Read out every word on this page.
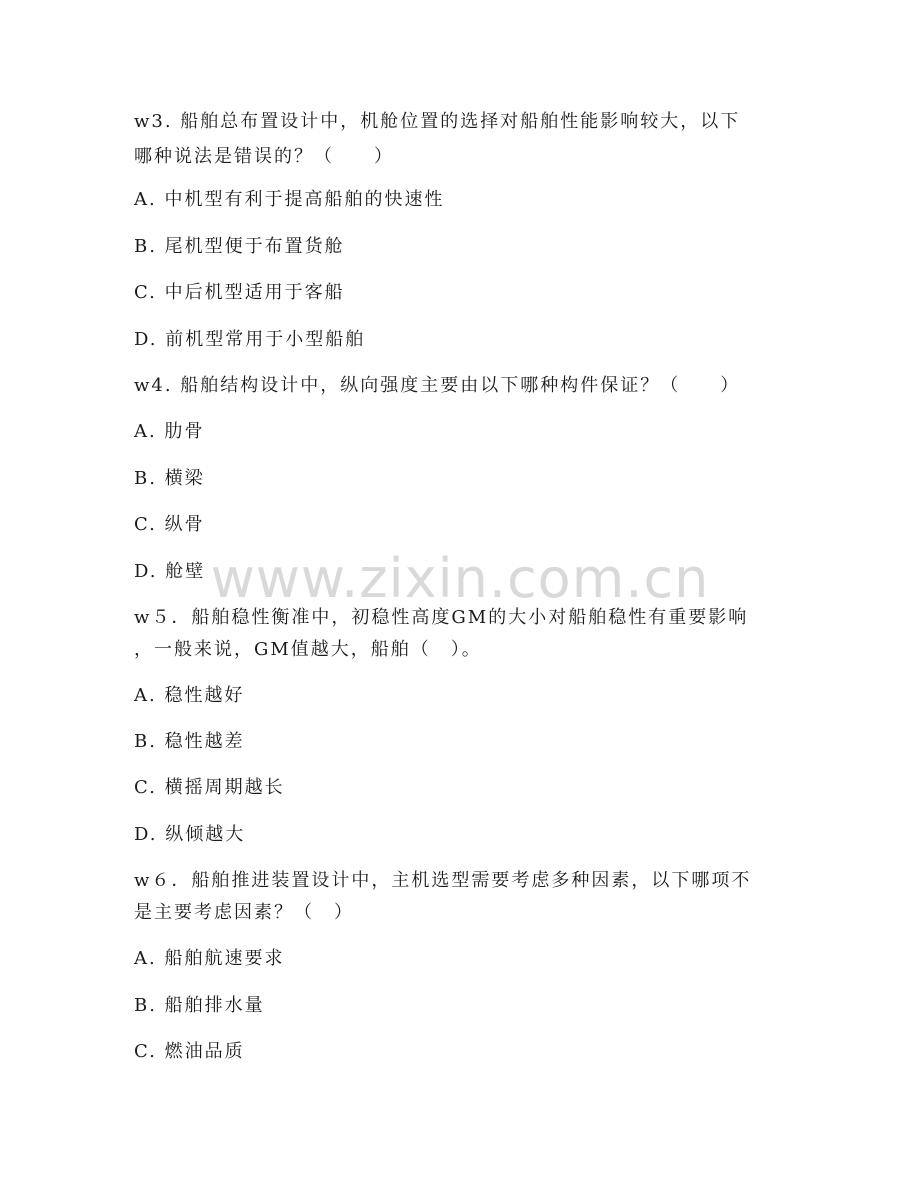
www.zixin.com.cn
w3. 船舶总布置设计中，机舱位置的选择对船舶性能影响较大，以下
哪种说法是错误的？（　　）
A. 中机型有利于提高船舶的快速性
B. 尾机型便于布置货舱
C. 中后机型适用于客船
D. 前机型常用于小型船舶
w4. 船舶结构设计中，纵向强度主要由以下哪种构件保证？（　　）
A. 肋骨
B. 横梁
C. 纵骨
D. 舱壁
w５．船舶稳性衡准中，初稳性高度GM的大小对船舶稳性有重要影响
，一般来说，GM值越大，船舶（　）。
A. 稳性越好
B. 稳性越差
C. 横摇周期越长
D. 纵倾越大
w６．船舶推进装置设计中，主机选型需要考虑多种因素，以下哪项不
是主要考虑因素？（　）
A. 船舶航速要求
B. 船舶排水量
C. 燃油品质
